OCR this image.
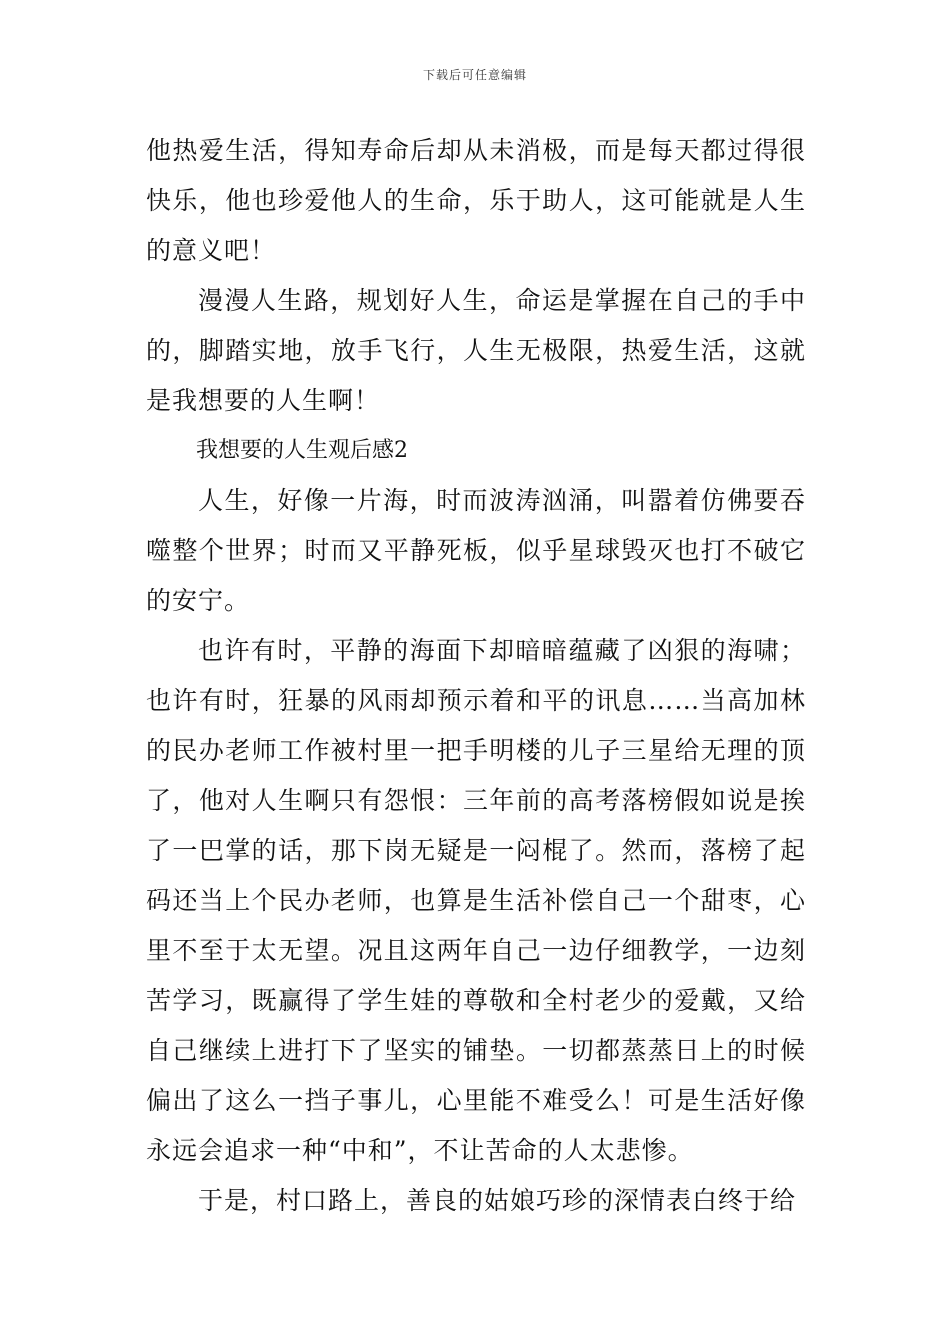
下载后可任意编辑

他热爱生活，得知寿命后却从未消极，而是每天都过得很快乐，他也珍爱他人的生命，乐于助人，这可能就是人生的意义吧！

漫漫人生路，规划好人生，命运是掌握在自己的手中的，脚踏实地，放手飞行，人生无极限，热爱生活，这就是我想要的人生啊！

我想要的人生观后感2

人生，好像一片海，时而波涛汹涌，叫嚣着仿佛要吞噬整个世界；时而又平静死板，似乎星球毁灭也打不破它的安宁。

也许有时，平静的海面下却暗暗蕴藏了凶狠的海啸；也许有时，狂暴的风雨却预示着和平的讯息……当高加林的民办老师工作被村里一把手明楼的儿子三星给无理的顶了，他对人生啊只有怨恨：三年前的高考落榜假如说是挨了一巴掌的话，那下岗无疑是一闷棍了。然而，落榜了起码还当上个民办老师，也算是生活补偿自己一个甜枣，心里不至于太无望。况且这两年自己一边仔细教学，一边刻苦学习，既赢得了学生娃的尊敬和全村老少的爱戴，又给自己继续上进打下了坚实的铺垫。一切都蒸蒸日上的时候偏出了这么一挡子事儿，心里能不难受么！可是生活好像永远会追求一种“中和”，不让苦命的人太悲惨。

于是，村口路上，善良的姑娘巧珍的深情表白终于给
